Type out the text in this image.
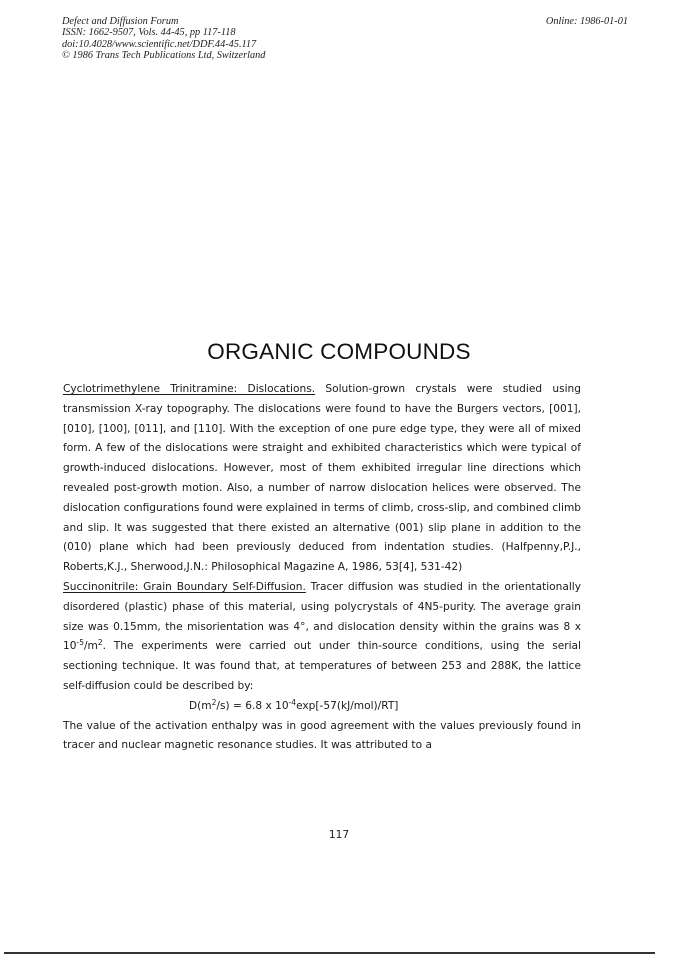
Defect and Diffusion Forum
ISSN: 1662-9507, Vols. 44-45, pp 117-118
doi:10.4028/www.scientific.net/DDF.44-45.117
© 1986 Trans Tech Publications Ltd, Switzerland
Online: 1986-01-01
ORGANIC COMPOUNDS
Cyclotrimethylene Trinitramine: Dislocations. Solution-grown crystals were studied using transmission X-ray topography. The dislocations were found to have the Burgers vectors, [001], [010], [100], [011], and [110]. With the exception of one pure edge type, they were all of mixed form. A few of the dislocations were straight and exhibited characteristics which were typical of growth-induced dislocations. However, most of them exhibited irregular line directions which revealed post-growth motion. Also, a number of narrow dislocation helices were observed. The dislocation configurations found were explained in terms of climb, cross-slip, and combined climb and slip. It was suggested that there existed an alternative (001) slip plane in addition to the (010) plane which had been previously deduced from indentation studies. (Halfpenny,P.J., Roberts,K.J., Sherwood,J.N.: Philosophical Magazine A, 1986, 53[4], 531-42)
Succinonitrile: Grain Boundary Self-Diffusion. Tracer diffusion was studied in the orientationally disordered (plastic) phase of this material, using polycrystals of 4N5-purity. The average grain size was 0.15mm, the misorientation was 4°, and dislocation density within the grains was 8 x $10^{-5}/m^2$. The experiments were carried out under thin-source conditions, using the serial sectioning technique. It was found that, at temperatures of between 253 and 288K, the lattice self-diffusion could be described by:
$D(m^2/s) = 6.8$ x $10^{-4}\exp[-57(kJ/mol)/RT]$
The value of the activation enthalpy was in good agreement with the values previously found in tracer and nuclear magnetic resonance studies. It was attributed to a
117
